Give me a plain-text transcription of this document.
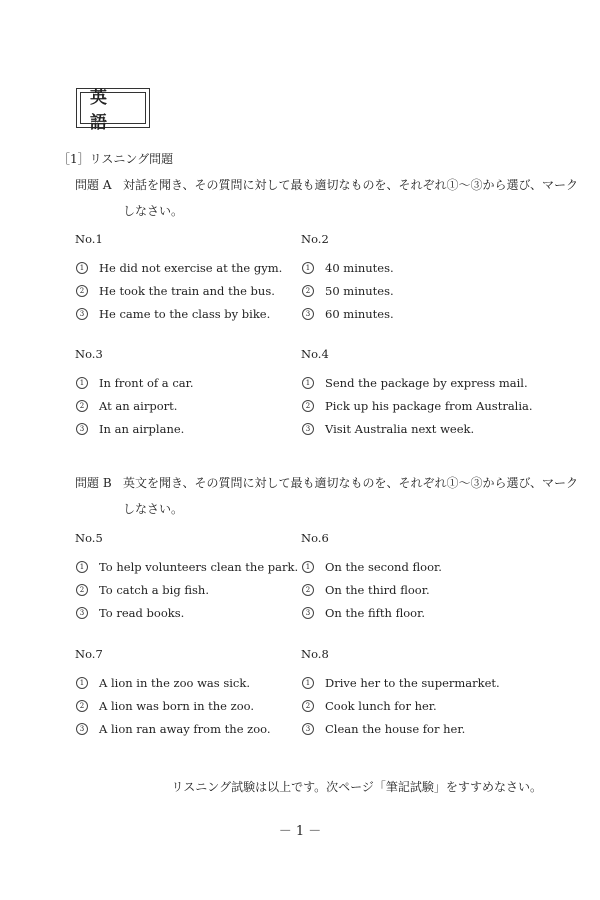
英 語
［1］リスニング問題
問題 A 対話を聞き、その質問に対して最も適切なものを、それぞれ①～③から選び、マーク
しなさい。
No.1
1	He did not exercise at the gym.
2	He took the train and the bus.
3	He came to the class by bike.
No.2
1	40 minutes.
2	50 minutes.
3	60 minutes.
No.3
1	In front of a car.
2	At an airport.
3	In an airplane.
No.4
1	Send the package by express mail.
2	Pick up his package from Australia.
3	Visit Australia next week.
問題 B 英文を聞き、その質問に対して最も適切なものを、それぞれ①～③から選び、マーク
しなさい。
No.5
1	To help volunteers clean the park.
2	To catch a big fish.
3	To read books.
No.6
1	On the second floor.
2	On the third floor.
3	On the fifth floor.
No.7
1	A lion in the zoo was sick.
2	A lion was born in the zoo.
3	A lion ran away from the zoo.
No.8
1	Drive her to the supermarket.
2	Cook lunch for her.
3	Clean the house for her.
リスニング試験は以上です。次ページ「筆記試験」をすすめなさい。
－ 1 －
